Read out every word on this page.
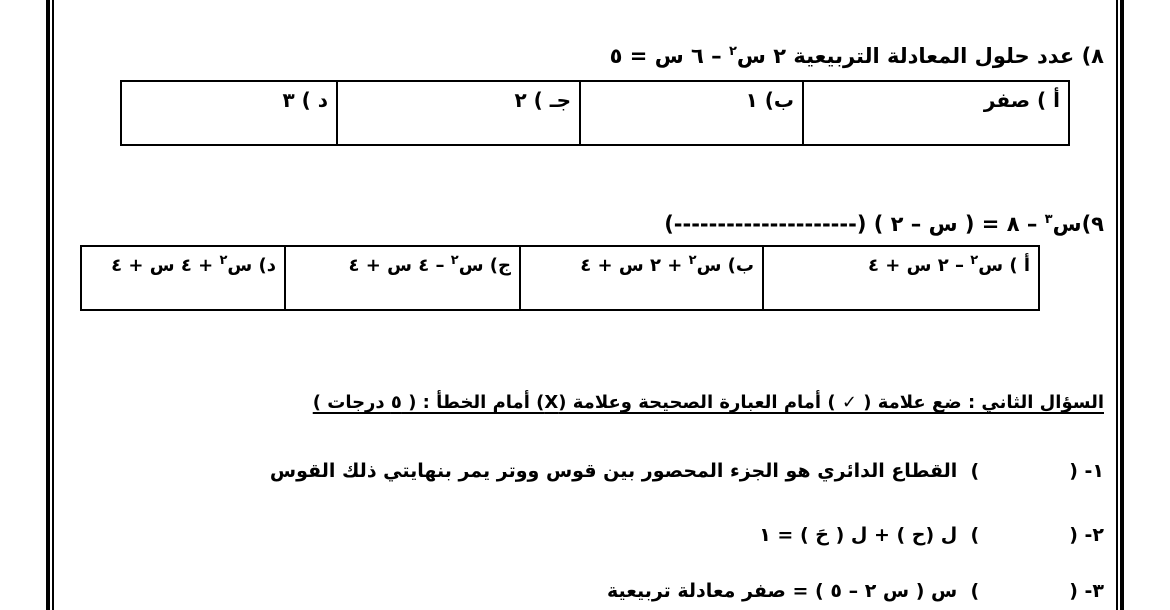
٨) عدد حلول المعادلة التربيعية ٢ س$^٢$ – ٦ س = ٥
ﺃ ) صفر	ب) ١	جـ ) ٢	د ) ٣
٩)س$^٣$ – ٨ = ( س – ٢ ) (---------------------)
ﺃ ) س$^٢$ – ٢ س + ٤	ب) س$^٢$ + ٢ س + ٤	ج) س$^٢$ – ٤ س + ٤	د) س$^٢$ + ٤ س + ٤
السؤال الثاني : ضع علامة ( ✓ ) أمام العبارة الصحيحة وعلامة (X) أمام الخطأ : ( ٥ درجات )
١- ()  القطاع الدائري هو الجزء المحصور بين قوس ووتر يمر بنهايتي ذلك القوس
٢- ()  ل (ح ) + ل ( حَ ) = ١
٣- ()  س ( س ٢ – ٥ ) = صفر معادلة تربيعية
